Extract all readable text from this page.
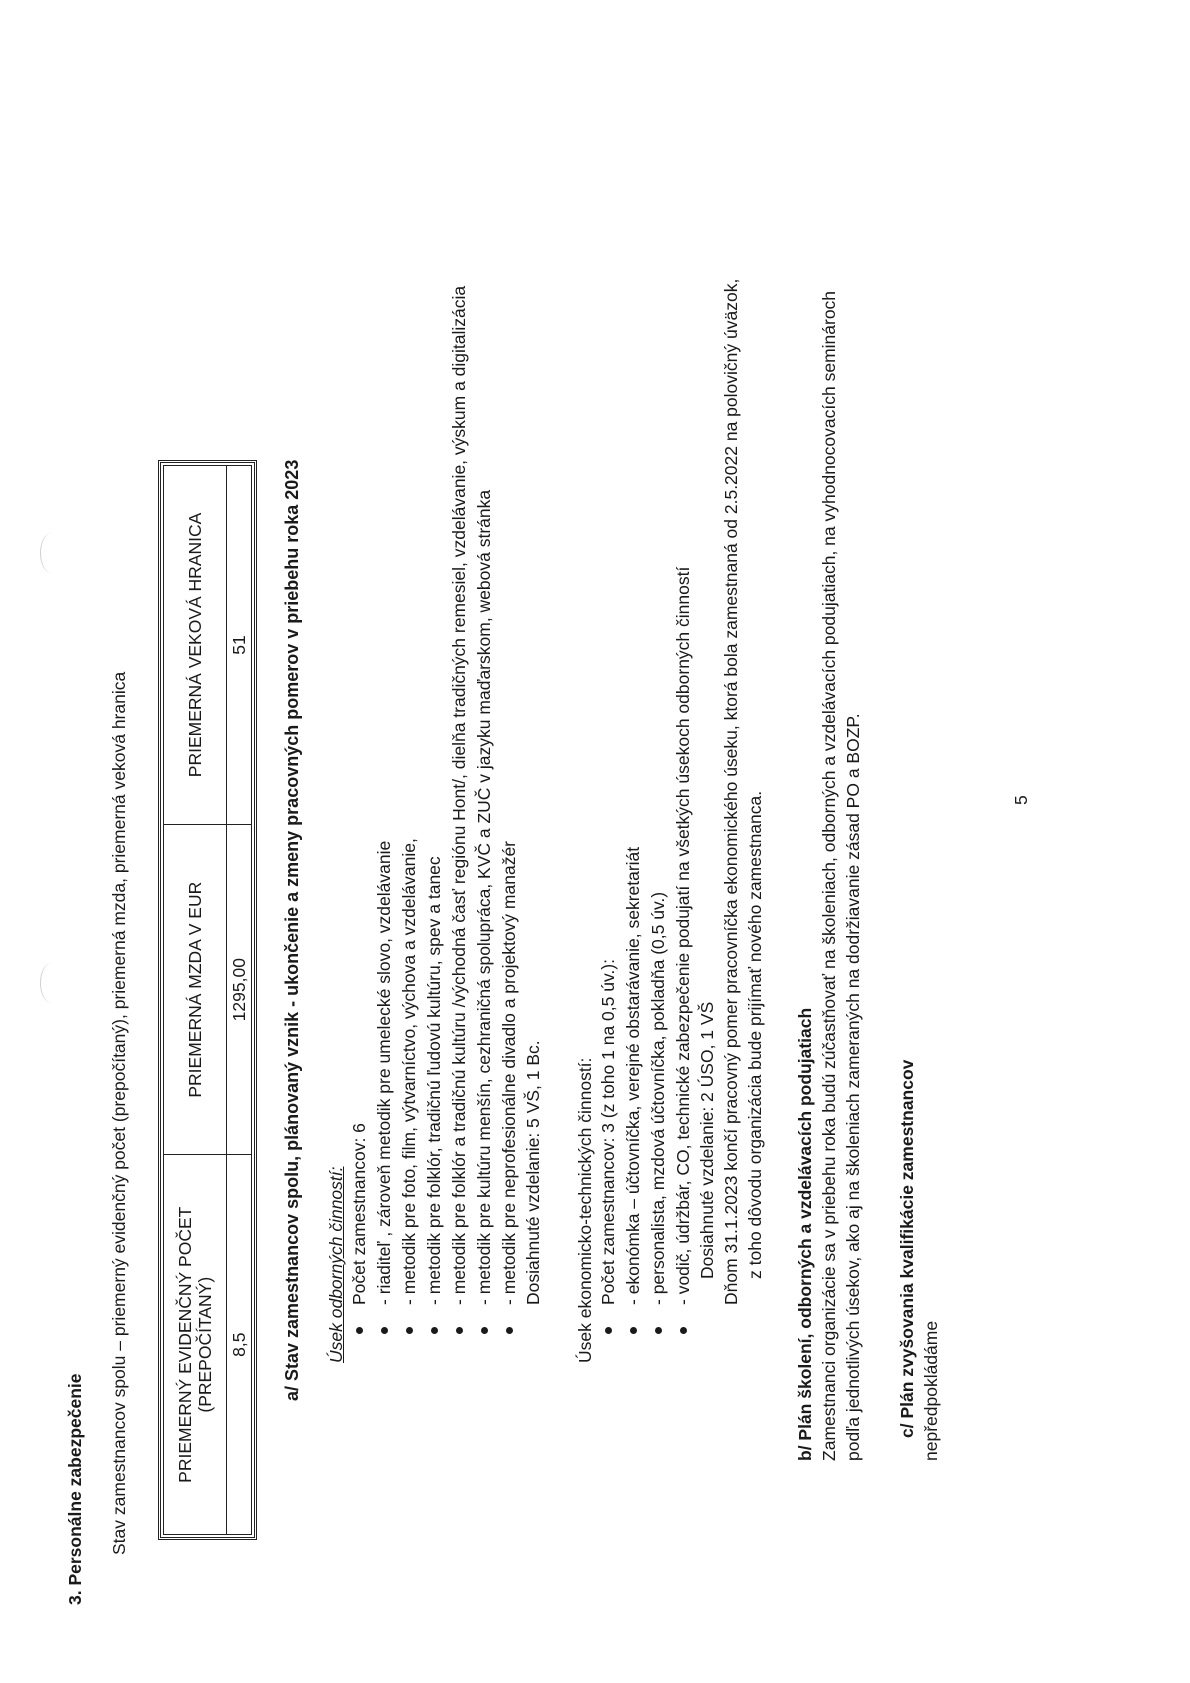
3. Personálne zabezpečenie Stav zamestnancov spolu – priemerný evidenčný počet (prepočítaný), priemerná mzda, priemerná veková hranica	PRIEMERNÝ EVIDENČNÝ POČET (PREPOČÍTANÝ)	PRIEMERNÁ MZDA V EUR	PRIEMERNÁ VEKOVÁ HRANICA
8,5	1295,00	51 a/ Stav zamestnancov spolu, plánovaný vznik - ukončenie a zmeny pracovných pomerov v priebehu roka 2023 Úsek odborných činností: Počet zamestnancov: 6 - riaditeľ , zároveň metodik pre umelecké slovo, vzdelávanie - metodik pre foto, film, výtvarníctvo, výchova a vzdelávanie, - metodik pre folklór, tradičnú ľudovú kultúru, spev a tanec - metodik pre folklór a tradičnú kultúru /východná časť regiónu Hont/, dielňa tradičných remesiel, vzdelávanie, výskum a digitalizácia - metodik pre kultúru menšín, cezhraničná spolupráca, KVČ a ZUČ v jazyku maďarskom, webová stránka - metodik pre neprofesionálne divadlo a projektový manažér Dosiahnuté vzdelanie: 5 VŠ, 1 Bc. Úsek ekonomicko-technických činností: Počet zamestnancov: 3 (z toho 1 na 0,5 úv.): - ekonómka – účtovníčka, verejné obstarávanie, sekretariát - personalista, mzdová účtovníčka, pokladňa (0,5 úv.) - vodič, údržbár, CO, technické zabezpečenie podujatí na všetkých úsekoch odborných činností Dosiahnuté vzdelanie: 2 ÚSO, 1 VŠ Dňom 31.1.2023 končí pracovný pomer pracovníčka ekonomického úseku, ktorá bola zamestnaná od 2.5.2022 na polovičný úväzok, z toho dôvodu organizácia bude prijímať nového zamestnanca. b/ Plán školení, odborných a vzdelávacích podujatiach Zamestnanci organizácie sa v priebehu roka budú zúčastňovať na školeniach, odborných a vzdelávacích podujatiach, na vyhodnocovacích seminároch podľa jednotlivých úsekov, ako aj na školeniach zameraných na dodržiavanie zásad PO a BOZP. c/ Plán zvyšovania kvalifikácie zamestnancov nepředpokládáme
5
